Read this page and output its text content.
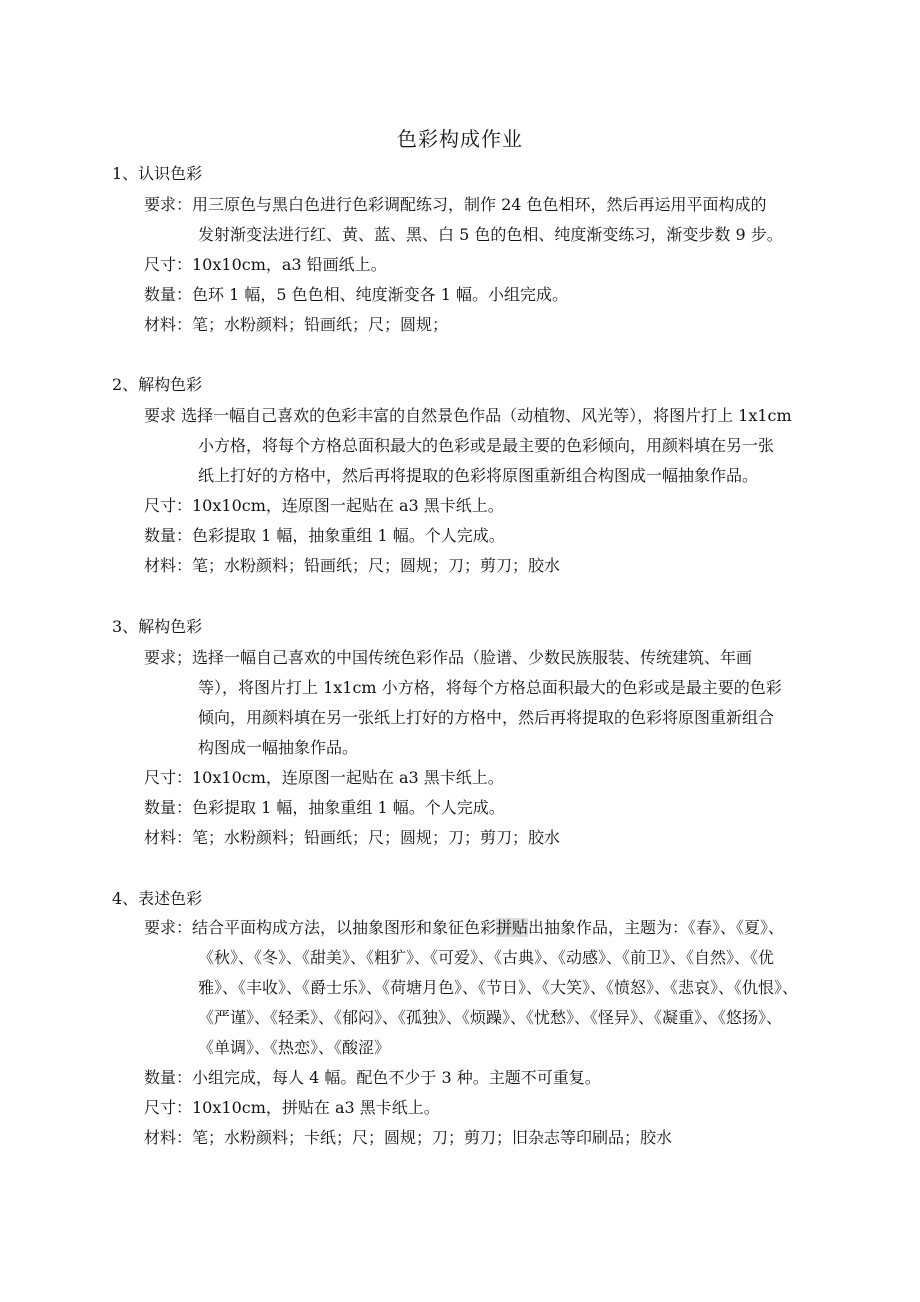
色彩构成作业
1、认识色彩
要求：用三原色与黑白色进行色彩调配练习，制作 24 色色相环，然后再运用平面构成的
发射渐变法进行红、黄、蓝、黑、白 5 色的色相、纯度渐变练习，渐变步数 9 步。
尺寸：10x10cm，a3 铅画纸上。
数量：色环 1 幅，5 色色相、纯度渐变各 1 幅。小组完成。
材料：笔；水粉颜料；铅画纸；尺；圆规；
2、解构色彩
要求 选择一幅自己喜欢的色彩丰富的自然景色作品（动植物、风光等），将图片打上 1x1cm
小方格，将每个方格总面积最大的色彩或是最主要的色彩倾向，用颜料填在另一张
纸上打好的方格中，然后再将提取的色彩将原图重新组合构图成一幅抽象作品。
尺寸：10x10cm，连原图一起贴在 a3 黑卡纸上。
数量：色彩提取 1 幅，抽象重组 1 幅。个人完成。
材料：笔；水粉颜料；铅画纸；尺；圆规；刀；剪刀；胶水
3、解构色彩
要求；选择一幅自己喜欢的中国传统色彩作品（脸谱、少数民族服装、传统建筑、年画
等），将图片打上 1x1cm 小方格，将每个方格总面积最大的色彩或是最主要的色彩
倾向，用颜料填在另一张纸上打好的方格中，然后再将提取的色彩将原图重新组合
构图成一幅抽象作品。
尺寸：10x10cm，连原图一起贴在 a3 黑卡纸上。
数量：色彩提取 1 幅，抽象重组 1 幅。个人完成。
材料：笔；水粉颜料；铅画纸；尺；圆规；刀；剪刀；胶水
4、表述色彩
要求：结合平面构成方法，以抽象图形和象征色彩拼贴出抽象作品，主题为：《春》、《夏》、
《秋》、《冬》、《甜美》、《粗犷》、《可爱》、《古典》、《动感》、《前卫》、《自然》、《优
雅》、《丰收》、《爵士乐》、《荷塘月色》、《节日》、《大笑》、《愤怒》、《悲哀》、《仇恨》、
《严谨》、《轻柔》、《郁闷》、《孤独》、《烦躁》、《忧愁》、《怪异》、《凝重》、《悠扬》、
《单调》、《热恋》、《酸涩》
数量：小组完成，每人 4 幅。配色不少于 3 种。主题不可重复。
尺寸：10x10cm，拼贴在 a3 黑卡纸上。
材料：笔；水粉颜料；卡纸；尺；圆规；刀；剪刀；旧杂志等印刷品；胶水
